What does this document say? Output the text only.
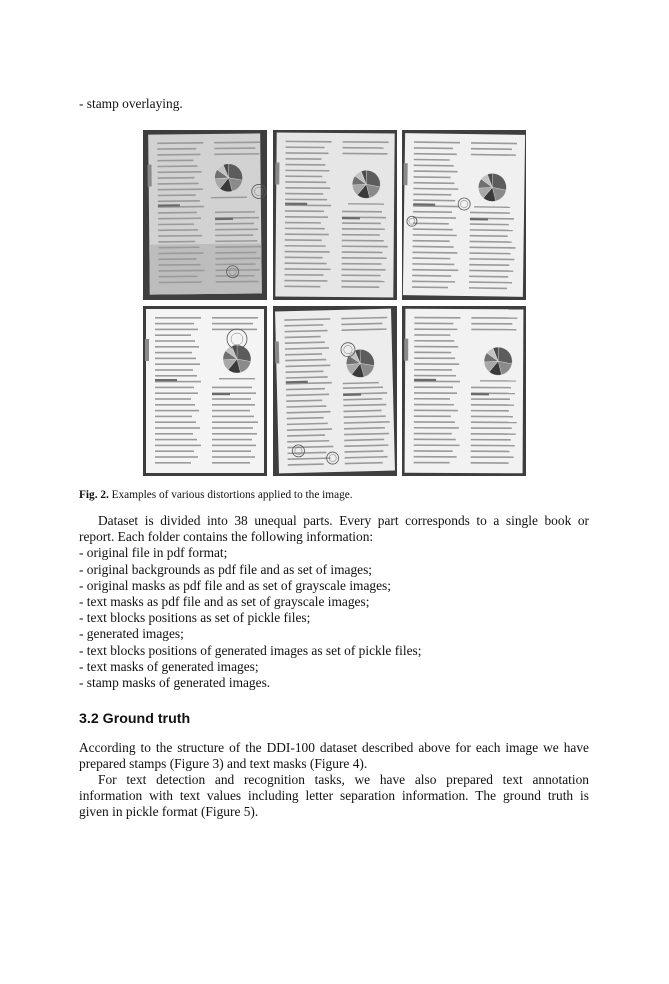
- stamp overlaying.
Fig. 2. Examples of various distortions applied to the image.
Dataset is divided into 38 unequal parts. Every part corresponds to a single book or
report. Each folder contains the following information:
- original file in pdf format;
- original backgrounds as pdf file and as set of images;
- original masks as pdf file and as set of grayscale images;
- text masks as pdf file and as set of grayscale images;
- text blocks positions as set of pickle files;
- generated images;
- text blocks positions of generated images as set of pickle files;
- text masks of generated images;
- stamp masks of generated images.
3.2 Ground truth
According to the structure of the DDI-100 dataset described above for each image we have
prepared stamps (Figure 3) and text masks (Figure 4).
For text detection and recognition tasks, we have also prepared text annotation
information with text values including letter separation information. The ground truth is
given in pickle format (Figure 5).
